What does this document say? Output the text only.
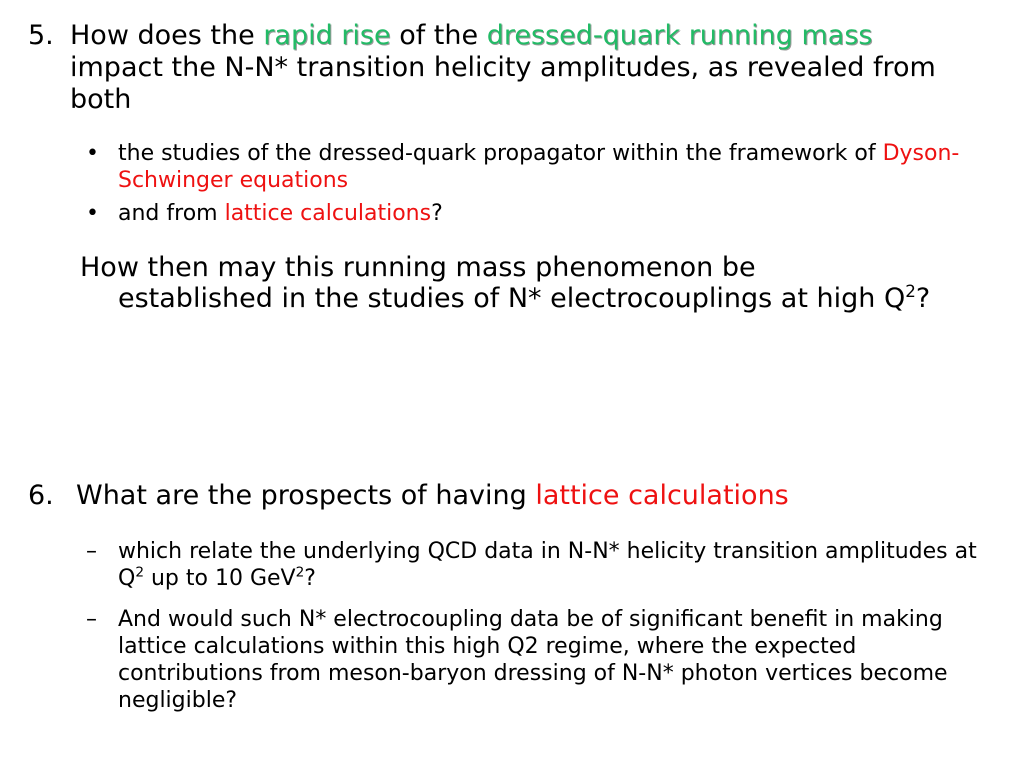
5. How does the rapid rise of the dressed-quark running mass impact the N-N* transition helicity amplitudes, as revealed from both
• the studies of the dressed-quark propagator within the framework of Dyson-Schwinger equations
• and from lattice calculations?
How then may this running mass phenomenon be
established in the studies of N* electrocouplings at high $Q^2$?
6. What are the prospects of having lattice calculations
– which relate the underlying QCD data in N-N* helicity transition amplitudes at $Q^2$ up to 10 GeV$^2$?
– And would such N* electrocoupling data be of significant benefit in making lattice calculations within this high Q2 regime, where the expected contributions from meson-baryon dressing of N-N* photon vertices become negligible?
